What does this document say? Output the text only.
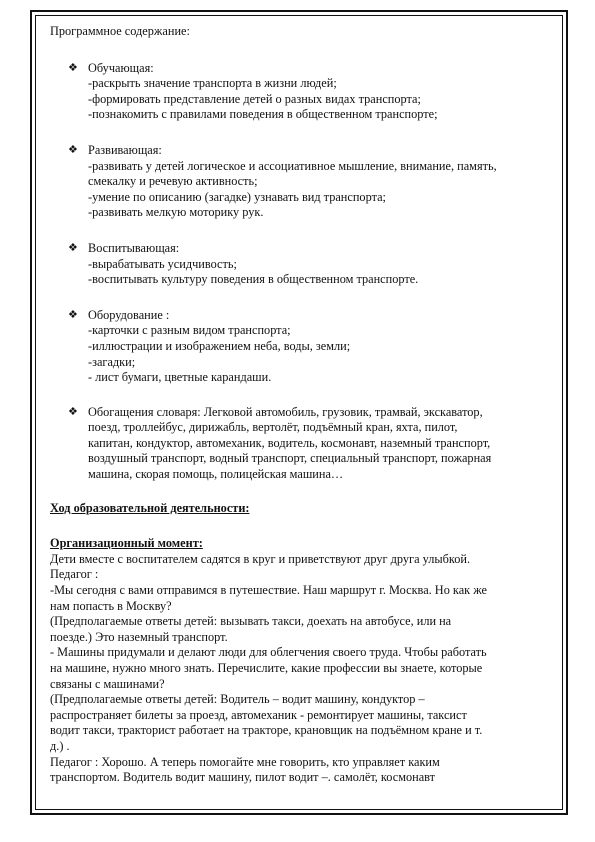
Программное содержание:
❖ Обучающая:
-раскрыть значение транспорта в жизни людей;
-формировать представление детей о разных видах транспорта;
-познакомить с правилами поведения в общественном транспорте;
❖ Развивающая:
-развивать у детей логическое и ассоциативное мышление, внимание, память,
смекалку и речевую активность;
-умение по описанию (загадке) узнавать вид транспорта;
-развивать мелкую моторику рук.
❖ Воспитывающая:
-вырабатывать усидчивость;
-воспитывать культуру поведения в общественном транспорте.
❖ Оборудование :
-карточки с разным видом транспорта;
-иллюстрации и изображением неба, воды, земли;
-загадки;
- лист бумаги, цветные карандаши.
❖ Обогащения словаря: Легковой автомобиль, грузовик, трамвай, экскаватор,
поезд, троллейбус, дирижабль, вертолёт, подъёмный кран, яхта, пилот,
капитан, кондуктор, автомеханик, водитель, космонавт, наземный транспорт,
воздушный транспорт, водный транспорт, специальный транспорт, пожарная
машина, скорая помощь, полицейская машина…
Ход образовательной деятельности:
Организационный момент:
Дети вместе с воспитателем садятся в круг и приветствуют друг друга улыбкой.
Педагог :
-Мы сегодня с вами отправимся в путешествие. Наш маршрут г. Москва. Но как же
нам попасть в Москву?
(Предполагаемые ответы детей: вызывать такси, доехать на автобусе, или на
поезде.) Это наземный транспорт.
- Машины придумали и делают люди для облегчения своего труда. Чтобы работать
на машине, нужно много знать. Перечислите, какие профессии вы знаете, которые
связаны с машинами?
(Предполагаемые ответы детей: Водитель – водит машину, кондуктор –
распространяет билеты за проезд, автомеханик - ремонтирует машины, таксист
водит такси, тракторист работает на тракторе, крановщик на подъёмном кране и т.
д.) .
Педагог : Хорошо. А теперь помогайте мне говорить, кто управляет каким
транспортом. Водитель водит машину, пилот водит –. самолёт, космонавт
